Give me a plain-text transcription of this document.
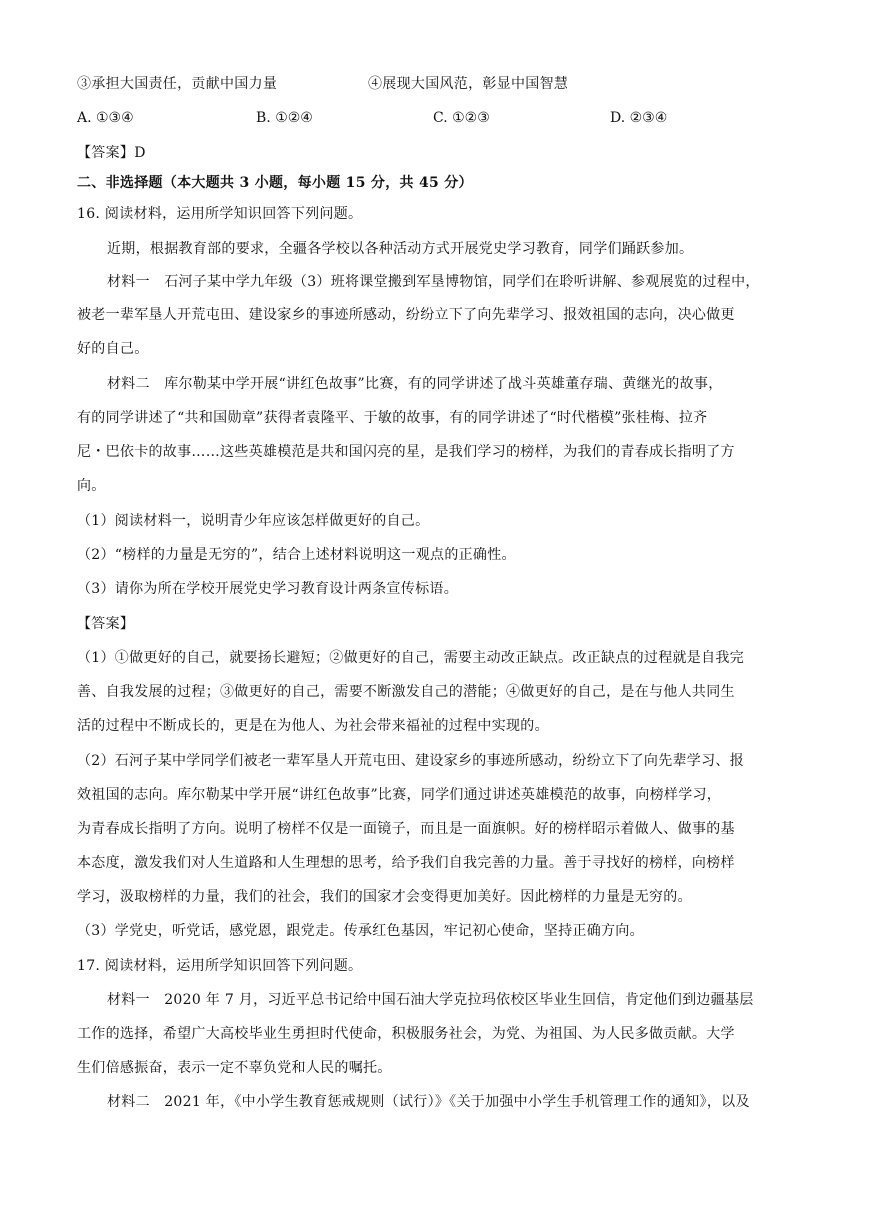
③承担大国责任，贡献中国力量	④展现大国风范，彰显中国智慧
A. ①③④	B. ①②④	C. ①②③	D. ②③④
【答案】D
二、非选择题（本大题共 3 小题，每小题 15 分，共 45 分）
16. 阅读材料，运用所学知识回答下列问题。
近期，根据教育部的要求，全疆各学校以各种活动方式开展党史学习教育，同学们踊跃参加。
材料一　石河子某中学九年级（3）班将课堂搬到军垦博物馆，同学们在聆听讲解、参观展览的过程中，
被老一辈军垦人开荒屯田、建设家乡的事迹所感动，纷纷立下了向先辈学习、报效祖国的志向，决心做更
好的自己。
材料二　库尔勒某中学开展“讲红色故事”比赛，有的同学讲述了战斗英雄董存瑞、黄继光的故事，
有的同学讲述了“共和国勋章”获得者袁隆平、于敏的故事，有的同学讲述了“时代楷模”张桂梅、拉齐
尼・巴依卡的故事……这些英雄模范是共和国闪亮的星，是我们学习的榜样，为我们的青春成长指明了方
向。
（1）阅读材料一，说明青少年应该怎样做更好的自己。
（2）“榜样的力量是无穷的”，结合上述材料说明这一观点的正确性。
（3）请你为所在学校开展党史学习教育设计两条宣传标语。
【答案】
（1）①做更好的自己，就要扬长避短；②做更好的自己，需要主动改正缺点。改正缺点的过程就是自我完
善、自我发展的过程；③做更好的自己，需要不断激发自己的潜能；④做更好的自己，是在与他人共同生
活的过程中不断成长的，更是在为他人、为社会带来福祉的过程中实现的。
（2）石河子某中学同学们被老一辈军垦人开荒屯田、建设家乡的事迹所感动，纷纷立下了向先辈学习、报
效祖国的志向。库尔勒某中学开展“讲红色故事”比赛，同学们通过讲述英雄模范的故事，向榜样学习，
为青春成长指明了方向。说明了榜样不仅是一面镜子，而且是一面旗帜。好的榜样昭示着做人、做事的基
本态度，激发我们对人生道路和人生理想的思考，给予我们自我完善的力量。善于寻找好的榜样，向榜样
学习，汲取榜样的力量，我们的社会，我们的国家才会变得更加美好。因此榜样的力量是无穷的。
（3）学党史，听党话，感党恩，跟党走。传承红色基因，牢记初心使命，坚持正确方向。
17. 阅读材料，运用所学知识回答下列问题。
材料一　2020 年 7 月，习近平总书记给中国石油大学克拉玛依校区毕业生回信，肯定他们到边疆基层
工作的选择，希望广大高校毕业生勇担时代使命，积极服务社会，为党、为祖国、为人民多做贡献。大学
生们倍感振奋，表示一定不辜负党和人民的嘱托。
材料二　2021 年，《中小学生教育惩戒规则（试行）》《关于加强中小学生手机管理工作的通知》，以及
